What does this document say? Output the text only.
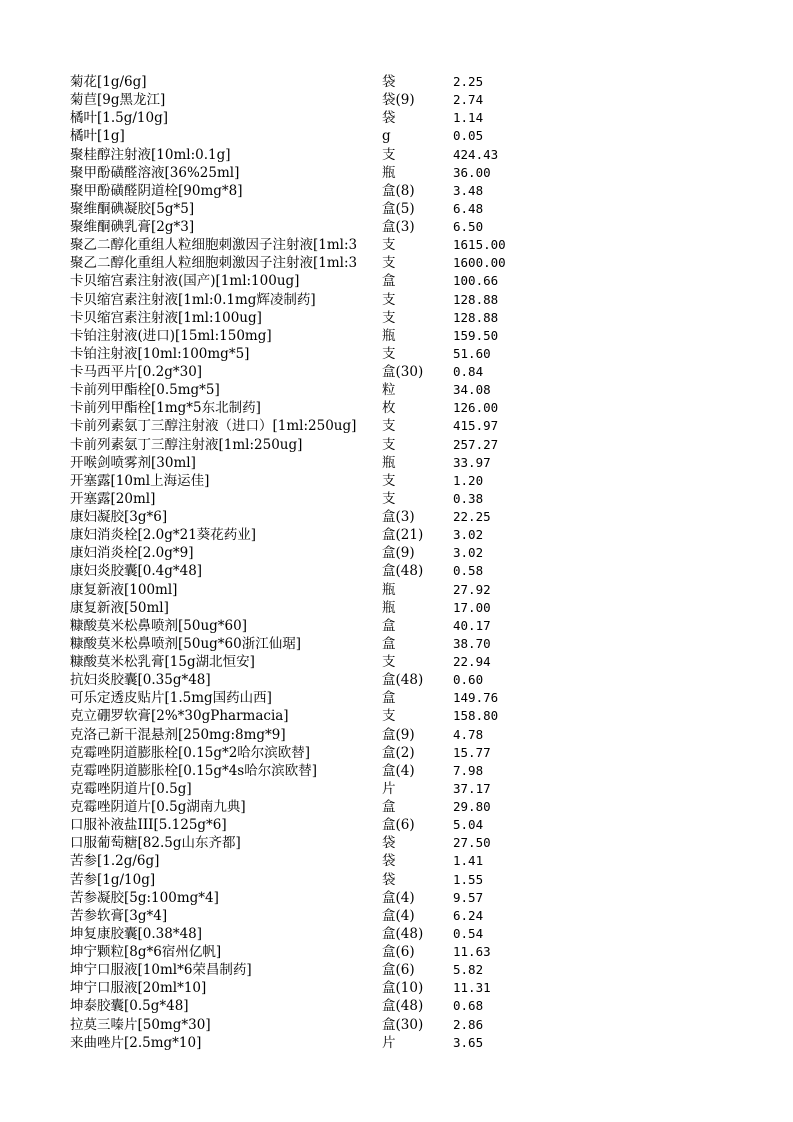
菊花[1g/6g]	袋	2.25
菊苣[9g黑龙江]	袋(9)	2.74
橘叶[1.5g/10g]	袋	1.14
橘叶[1g]	g	0.05
聚桂醇注射液[10ml:0.1g]	支	424.43
聚甲酚磺醛溶液[36%25ml]	瓶	36.00
聚甲酚磺醛阴道栓[90mg*8]	盒(8)	3.48
聚维酮碘凝胶[5g*5]	盒(5)	6.48
聚维酮碘乳膏[2g*3]	盒(3)	6.50
聚乙二醇化重组人粒细胞刺激因子注射液[1ml:3	支	1615.00
聚乙二醇化重组人粒细胞刺激因子注射液[1ml:3	支	1600.00
卡贝缩宫素注射液(国产)[1ml:100ug]	盒	100.66
卡贝缩宫素注射液[1ml:0.1mg辉凌制药]	支	128.88
卡贝缩宫素注射液[1ml:100ug]	支	128.88
卡铂注射液(进口)[15ml:150mg]	瓶	159.50
卡铂注射液[10ml:100mg*5]	支	51.60
卡马西平片[0.2g*30]	盒(30)	0.84
卡前列甲酯栓[0.5mg*5]	粒	34.08
卡前列甲酯栓[1mg*5东北制药]	枚	126.00
卡前列素氨丁三醇注射液（进口）[1ml:250ug]	支	415.97
卡前列素氨丁三醇注射液[1ml:250ug]	支	257.27
开喉剑喷雾剂[30ml]	瓶	33.97
开塞露[10ml上海运佳]	支	1.20
开塞露[20ml]	支	0.38
康妇凝胶[3g*6]	盒(3)	22.25
康妇消炎栓[2.0g*21葵花药业]	盒(21)	3.02
康妇消炎栓[2.0g*9]	盒(9)	3.02
康妇炎胶囊[0.4g*48]	盒(48)	0.58
康复新液[100ml]	瓶	27.92
康复新液[50ml]	瓶	17.00
糠酸莫米松鼻喷剂[50ug*60]	盒	40.17
糠酸莫米松鼻喷剂[50ug*60浙江仙琚]	盒	38.70
糠酸莫米松乳膏[15g湖北恒安]	支	22.94
抗妇炎胶囊[0.35g*48]	盒(48)	0.60
可乐定透皮贴片[1.5mg国药山西]	盒	149.76
克立硼罗软膏[2%*30gPharmacia]	支	158.80
克洛己新干混悬剂[250mg:8mg*9]	盒(9)	4.78
克霉唑阴道膨胀栓[0.15g*2哈尔滨欧替]	盒(2)	15.77
克霉唑阴道膨胀栓[0.15g*4s哈尔滨欧替]	盒(4)	7.98
克霉唑阴道片[0.5g]	片	37.17
克霉唑阴道片[0.5g湖南九典]	盒	29.80
口服补液盐III[5.125g*6]	盒(6)	5.04
口服葡萄糖[82.5g山东齐都]	袋	27.50
苦参[1.2g/6g]	袋	1.41
苦参[1g/10g]	袋	1.55
苦参凝胶[5g:100mg*4]	盒(4)	9.57
苦参软膏[3g*4]	盒(4)	6.24
坤复康胶囊[0.38*48]	盒(48)	0.54
坤宁颗粒[8g*6宿州亿帆]	盒(6)	11.63
坤宁口服液[10ml*6荣昌制药]	盒(6)	5.82
坤宁口服液[20ml*10]	盒(10)	11.31
坤泰胶囊[0.5g*48]	盒(48)	0.68
拉莫三嗪片[50mg*30]	盒(30)	2.86
来曲唑片[2.5mg*10]	片	3.65
